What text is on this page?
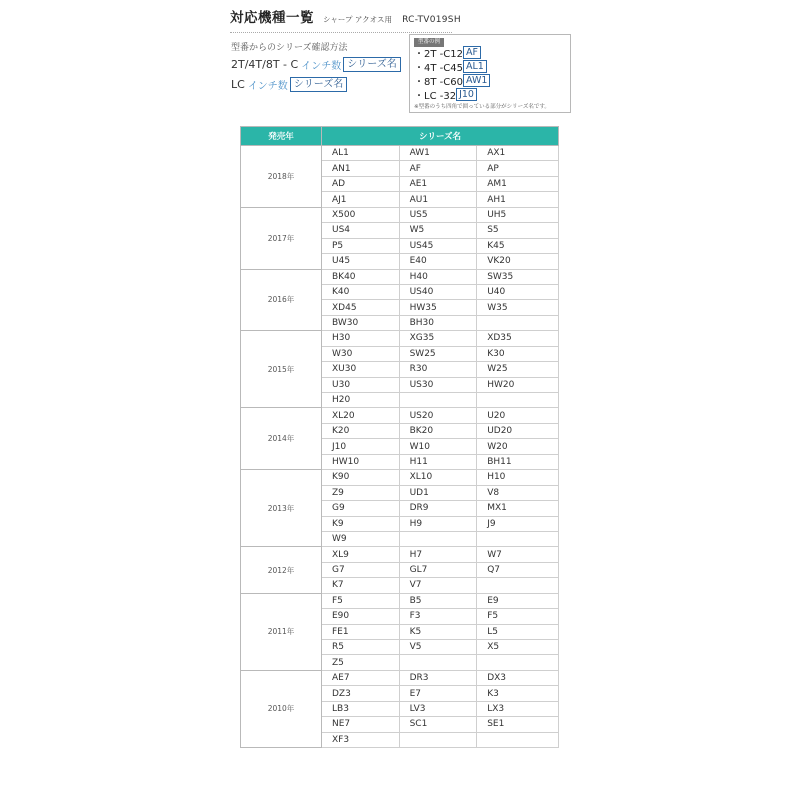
対応機種一覧 シャープ アクオス用 RC-TV019SH
型番からのシリーズ確認方法
2T/4T/8T - C インチ数 シリーズ名
LC インチ数 シリーズ名
型番の例
・2T -C12 AF
・4T -C45 AL1
・8T -C60 AW1
・LC -32 J10
※型番のうち四角で囲っている部分がシリーズ名です。
発売年	シリーズ名		
2018年	AL1	AW1	AX1
	AN1	AF	AP
	AD	AE1	AM1
	AJ1	AU1	AH1
2017年	X500	US5	UH5
	US4	W5	S5
	P5	US45	K45
	U45	E40	VK20
2016年	BK40	H40	SW35
	K40	US40	U40
	XD45	HW35	W35
	BW30	BH30	
2015年	H30	XG35	XD35
	W30	SW25	K30
	XU30	R30	W25
	U30	US30	HW20
	H20		
2014年	XL20	US20	U20
	K20	BK20	UD20
	J10	W10	W20
	HW10	H11	BH11
2013年	K90	XL10	H10
	Z9	UD1	V8
	G9	DR9	MX1
	K9	H9	J9
	W9		
2012年	XL9	H7	W7
	G7	GL7	Q7
	K7	V7	
2011年	F5	B5	E9
	E90	F3	F5
	FE1	K5	L5
	R5	V5	X5
	Z5		
2010年	AE7	DR3	DX3
	DZ3	E7	K3
	LB3	LV3	LX3
	NE7	SC1	SE1
	XF3		
